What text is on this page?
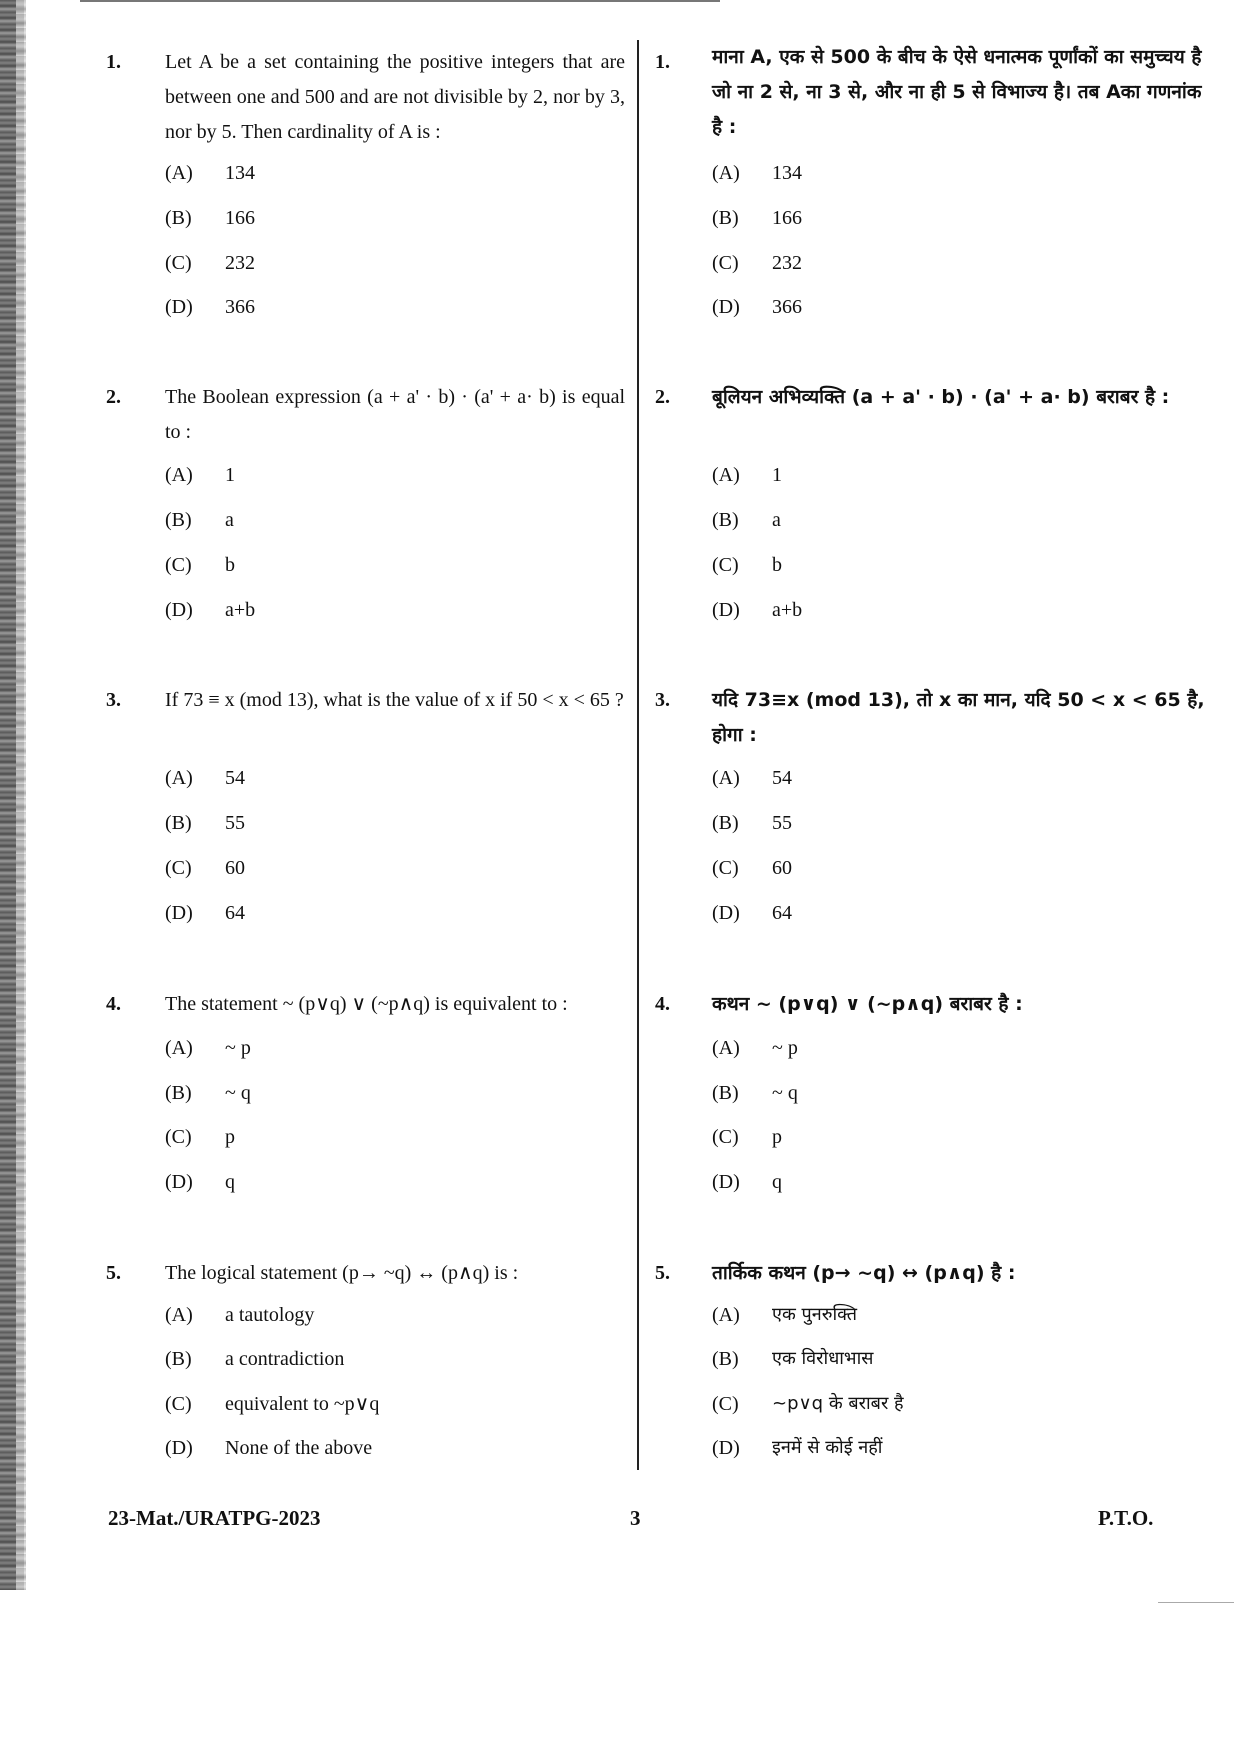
1. Let A be a set containing the positive integers that are between one and 500 and are not divisible by 2, nor by 3, nor by 5. Then cardinality of A is :
(A) 134
(B) 166
(C) 232
(D) 366
2. The Boolean expression (a + a' · b) · (a' + a· b) is equal to :
(A) 1
(B) a
(C) b
(D) a+b
3. If 73 ≡ x (mod 13), what is the value of x if 50 < x < 65 ?
(A) 54
(B) 55
(C) 60
(D) 64
4. The statement ~ (p∨q) ∨ (~p∧q) is equivalent to :
(A) ~ p
(B) ~ q
(C) p
(D) q
5. The logical statement (p→ ~q) ↔ (p∧q) is :
(A) a tautology
(B) a contradiction
(C) equivalent to ~p∨q
(D) None of the above
1. माना A, एक से 500 के बीच के ऐसे धनात्मक पूर्णांकों का समुच्चय है जो ना 2 से, ना 3 से, और ना ही 5 से विभाज्य है। तब Aका गणनांक है :
(A) 134
(B) 166
(C) 232
(D) 366
2. बूलियन अभिव्यक्ति (a + a' · b) · (a' + a· b) बराबर है :
(A) 1
(B) a
(C) b
(D) a+b
3. यदि 73≡x (mod 13), तो x का मान, यदि 50 < x < 65 है, होगा :
(A) 54
(B) 55
(C) 60
(D) 64
4. कथन ~ (p∨q) ∨ (~p∧q) बराबर है :
(A) ~ p
(B) ~ q
(C) p
(D) q
5. तार्किक कथन (p→ ~q) ↔ (p∧q) है :
(A) एक पुनरुक्ति
(B) एक विरोधाभास
(C) ~p∨q के बराबर है
(D) इनमें से कोई नहीं
23-Mat./URATPG-2023	3	P.T.O.
